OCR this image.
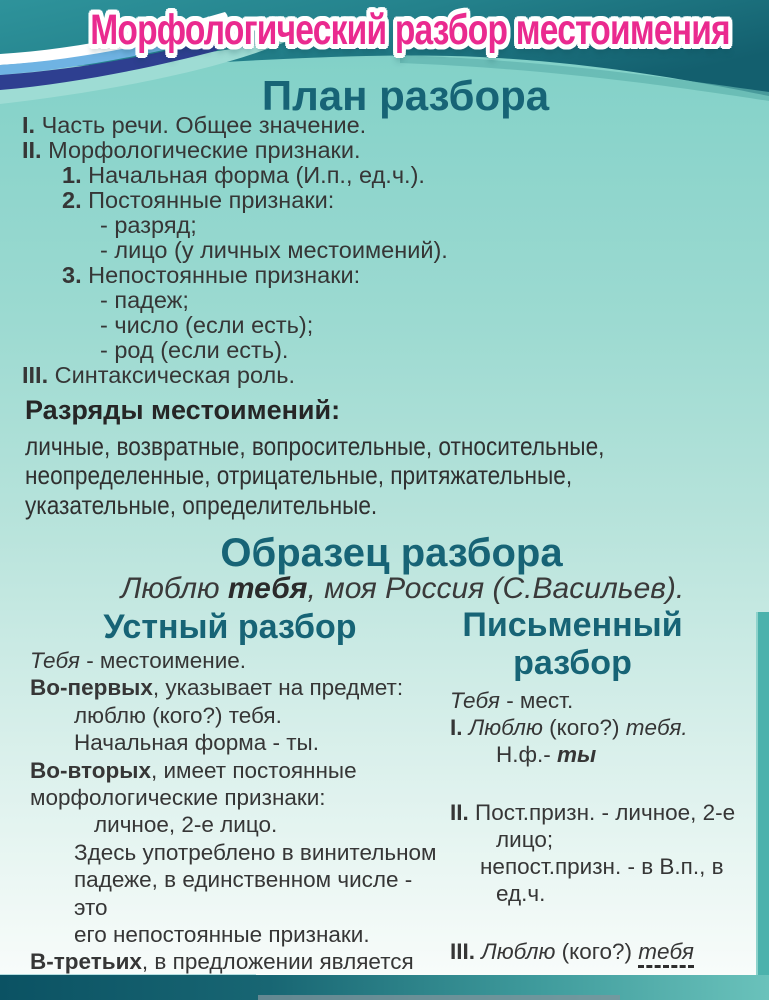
Морфологический разбор местоимения
План разбора
I. Часть речи. Общее значение.
II. Морфологические признаки.
1. Начальная форма (И.п., ед.ч.).
2. Постоянные признаки:
- разряд;
- лицо (у личных местоимений).
3. Непостоянные признаки:
- падеж;
- число (если есть);
- род (если есть).
III. Синтаксическая роль.
Разряды местоимений:
личные, возвратные, вопросительные, относительные,
неопределенные, отрицательные, притяжательные,
указательные, определительные.
Образец разбора
Люблю тебя, моя Россия (С.Васильев).
Устный разбор	Письменный
разбор
Тебя - местоимение.
Во-первых, указывает на предмет:
люблю (кого?) тебя.
Начальная форма - ты.
Во-вторых, имеет постоянные
морфологические признаки:
личное, 2-е лицо.
Здесь употреблено в винительном
падеже, в единственном числе - это
его непостоянные признаки.
В-третьих, в предложении является
Тебя - мест.
I. Люблю (кого?) тебя.
Н.ф.- ты
II. Пост.призн. - личное, 2-е
лицо;
непост.призн. - в В.п., в
ед.ч.
III. Люблю (кого?) тебя
